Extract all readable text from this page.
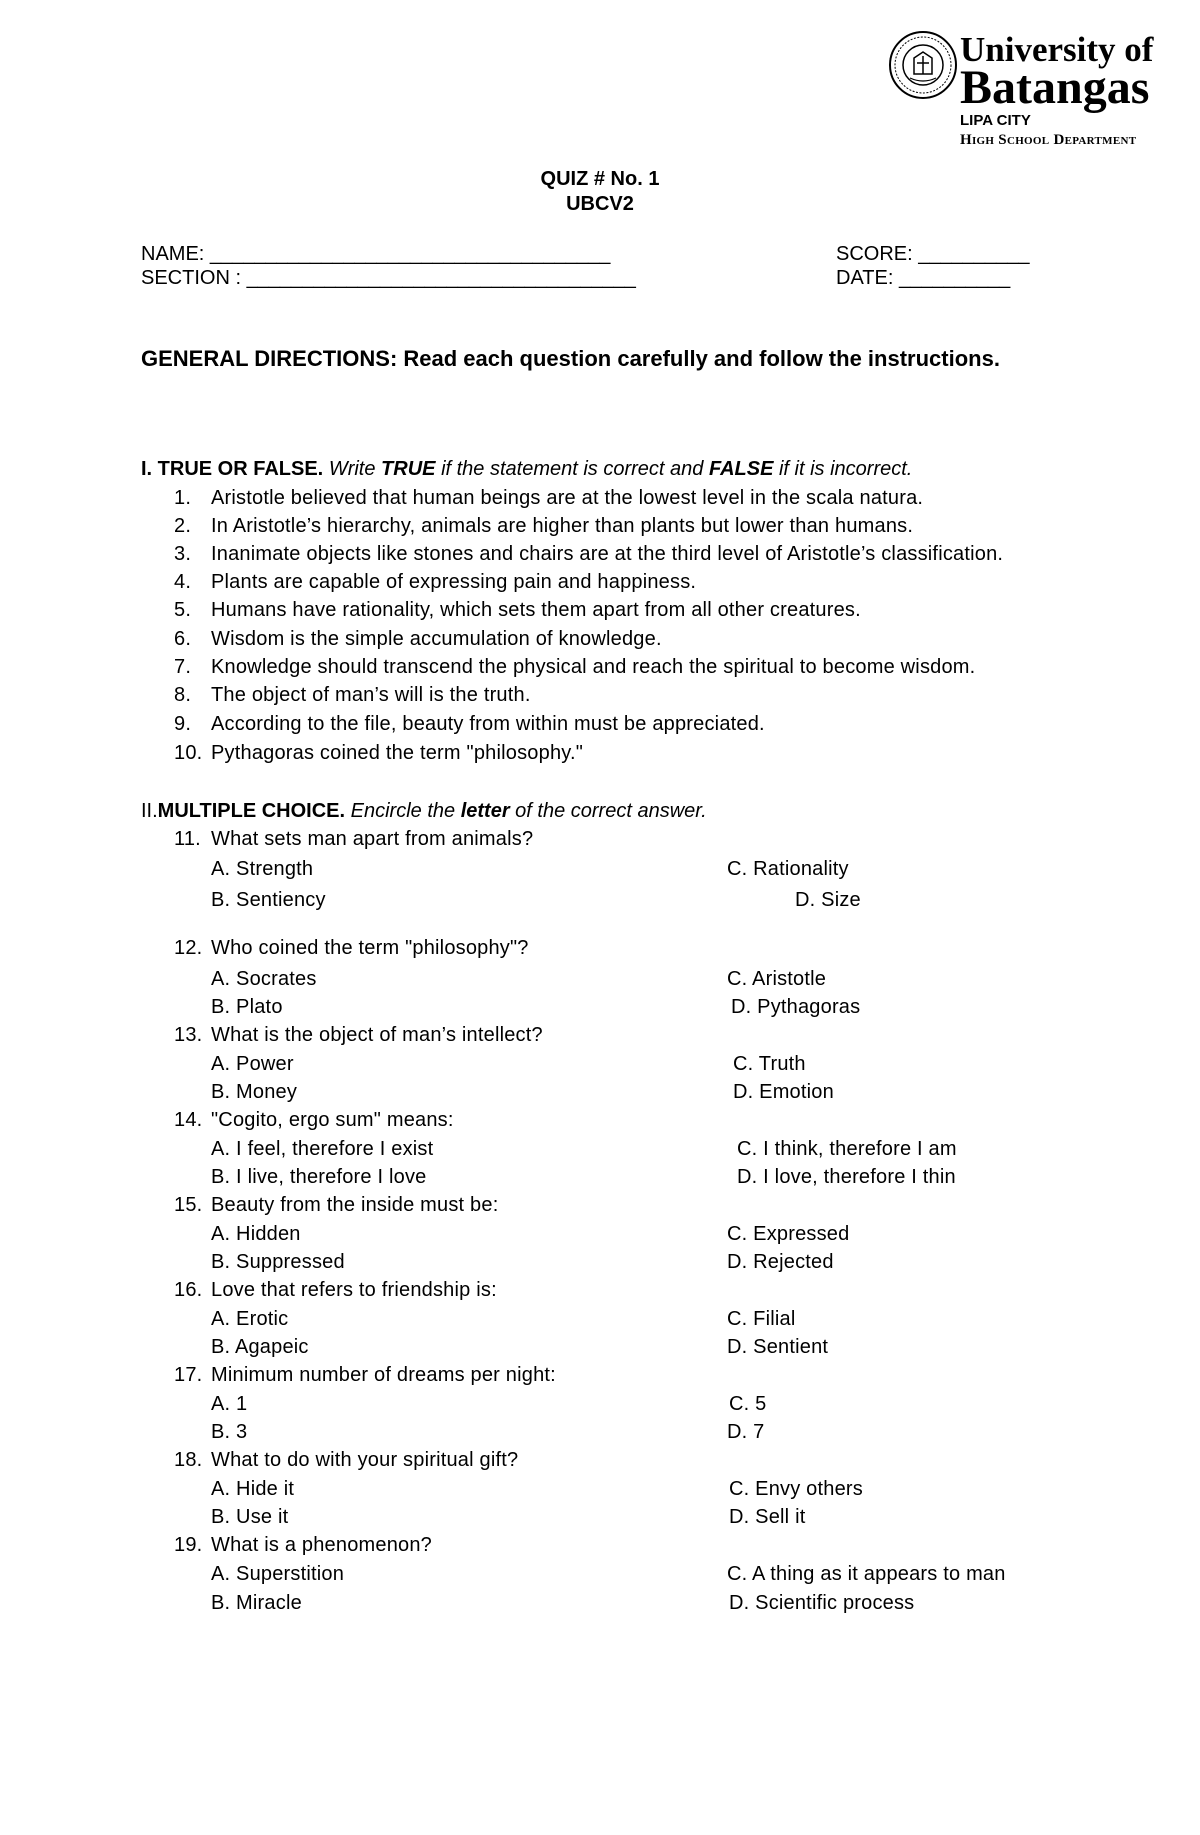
University of
Batangas
LIPA CITY
High School Department
QUIZ # No. 1
UBCV2
NAME: ____________________________________	SCORE: __________
SECTION : ___________________________________	DATE: __________
GENERAL DIRECTIONS: Read each question carefully and follow the instructions.
I. TRUE OR FALSE. Write TRUE if the statement is correct and FALSE if it is incorrect.
1. Aristotle believed that human beings are at the lowest level in the scala natura.
2. In Aristotle’s hierarchy, animals are higher than plants but lower than humans.
3. Inanimate objects like stones and chairs are at the third level of Aristotle’s classification.
4. Plants are capable of expressing pain and happiness.
5. Humans have rationality, which sets them apart from all other creatures.
6. Wisdom is the simple accumulation of knowledge.
7. Knowledge should transcend the physical and reach the spiritual to become wisdom.
8. The object of man’s will is the truth.
9. According to the file, beauty from within must be appreciated.
10. Pythagoras coined the term "philosophy."
II.MULTIPLE CHOICE. Encircle the letter of the correct answer.
11. What sets man apart from animals?
A. Strength	C. Rationality
B. Sentiency	D. Size
12. Who coined the term "philosophy"?
A. Socrates	C. Aristotle
B. Plato	D. Pythagoras
13. What is the object of man’s intellect?
A. Power	C. Truth
B. Money	D. Emotion
14. "Cogito, ergo sum" means:
A. I feel, therefore I exist	C. I think, therefore I am
B. I live, therefore I love	D. I love, therefore I thin
15. Beauty from the inside must be:
A. Hidden	C. Expressed
B. Suppressed	D. Rejected
16. Love that refers to friendship is:
A. Erotic	C. Filial
B. Agapeic	D. Sentient
17. Minimum number of dreams per night:
A. 1	C. 5
B. 3	D. 7
18. What to do with your spiritual gift?
A. Hide it	C. Envy others
B. Use it	D. Sell it
19. What is a phenomenon?
A. Superstition	C. A thing as it appears to man
B. Miracle	D. Scientific process
